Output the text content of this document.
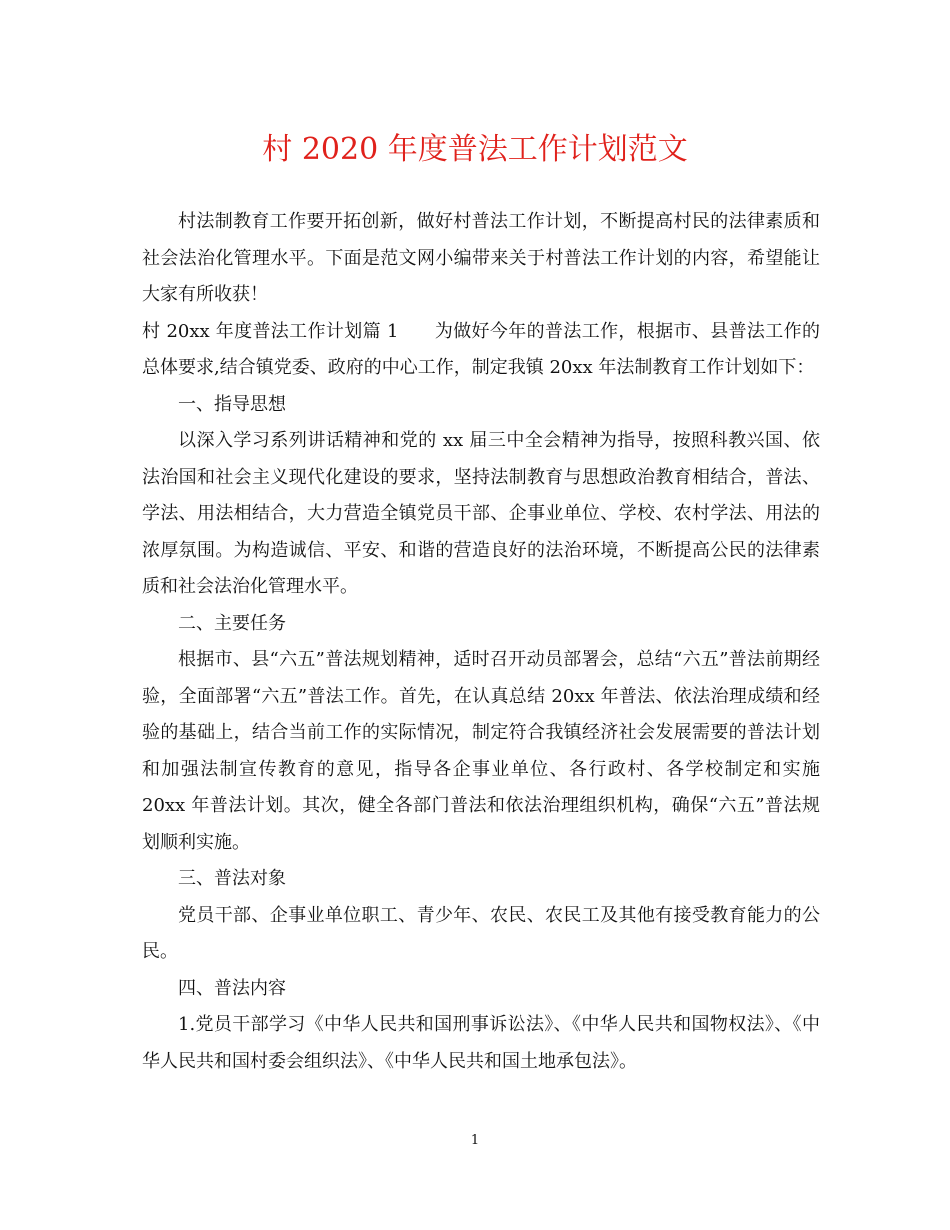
村 2020 年度普法工作计划范文

村法制教育工作要开拓创新，做好村普法工作计划，不断提高村民的法律素质和社会法治化管理水平。下面是范文网小编带来关于村普法工作计划的内容，希望能让大家有所收获！

村 20xx 年度普法工作计划篇 1 为做好今年的普法工作，根据市、县普法工作的总体要求,结合镇党委、政府的中心工作，制定我镇 20xx 年法制教育工作计划如下：

一、指导思想

以深入学习系列讲话精神和党的 xx 届三中全会精神为指导，按照科教兴国、依法治国和社会主义现代化建设的要求，坚持法制教育与思想政治教育相结合，普法、学法、用法相结合，大力营造全镇党员干部、企事业单位、学校、农村学法、用法的浓厚氛围。为构造诚信、平安、和谐的营造良好的法治环境，不断提高公民的法律素质和社会法治化管理水平。

二、主要任务

根据市、县“六五”普法规划精神，适时召开动员部署会，总结“六五”普法前期经验，全面部署“六五”普法工作。首先，在认真总结 20xx 年普法、依法治理成绩和经验的基础上，结合当前工作的实际情况，制定符合我镇经济社会发展需要的普法计划和加强法制宣传教育的意见，指导各企事业单位、各行政村、各学校制定和实施 20xx 年普法计划。其次，健全各部门普法和依法治理组织机构，确保“六五”普法规划顺利实施。

三、普法对象

党员干部、企事业单位职工、青少年、农民、农民工及其他有接受教育能力的公民。

四、普法内容

1.党员干部学习《中华人民共和国刑事诉讼法》、《中华人民共和国物权法》、《中华人民共和国村委会组织法》、《中华人民共和国土地承包法》。

1
